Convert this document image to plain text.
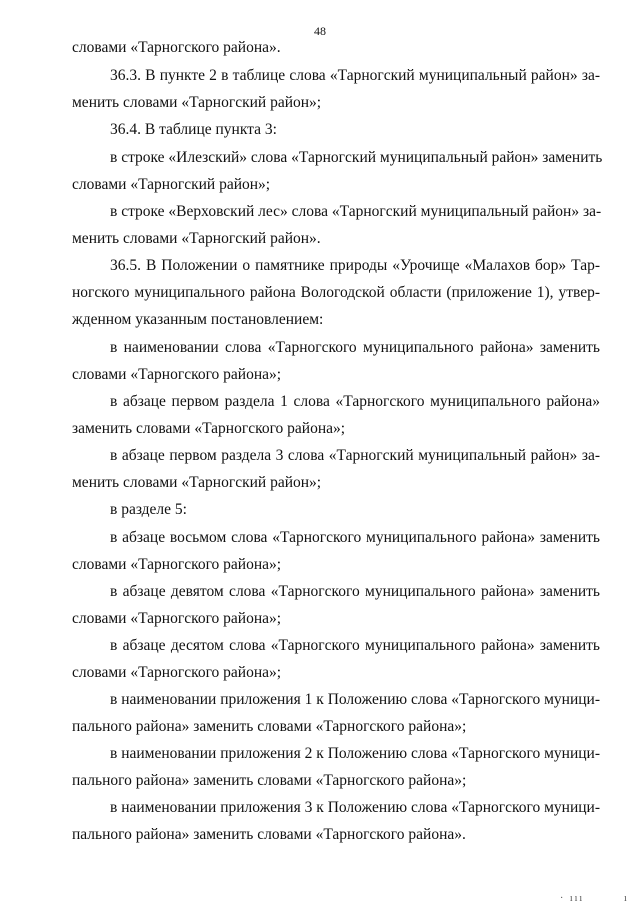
48
словами «Тарногского района».
36.3. В пункте 2 в таблице слова «Тарногский муниципальный район» за-
менить словами «Тарногский район»;
36.4. В таблице пункта 3:
в строке «Илезский» слова «Тарногский муниципальный район» заменить
словами «Тарногский район»;
в строке «Верховский лес» слова «Тарногский муниципальный район» за-
менить словами «Тарногский район».
36.5. В Положении о памятнике природы «Урочище «Малахов бор» Тар-
ногского муниципального района Вологодской области (приложение 1), утвер-
жденном указанным постановлением:
в наименовании слова «Тарногского муниципального района» заменить
словами «Тарногского района»;
в абзаце первом раздела 1 слова «Тарногского муниципального района»
заменить словами «Тарногского района»;
в абзаце первом раздела 3 слова «Тарногский муниципальный район» за-
менить словами «Тарногский район»;
в разделе 5:
в абзаце восьмом слова «Тарногского муниципального района» заменить
словами «Тарногского района»;
в абзаце девятом слова «Тарногского муниципального района» заменить
словами «Тарногского района»;
в абзаце десятом слова «Тарногского муниципального района» заменить
словами «Тарногского района»;
в наименовании приложения 1 к Положению слова «Тарногского муници-
пального района» заменить словами «Тарногского района»;
в наименовании приложения 2 к Положению слова «Тарногского муници-
пального района» заменить словами «Тарногского района»;
в наименовании приложения 3 к Положению слова «Тарногского муници-
пального района» заменить словами «Тарногского района».
· ııı	ı
